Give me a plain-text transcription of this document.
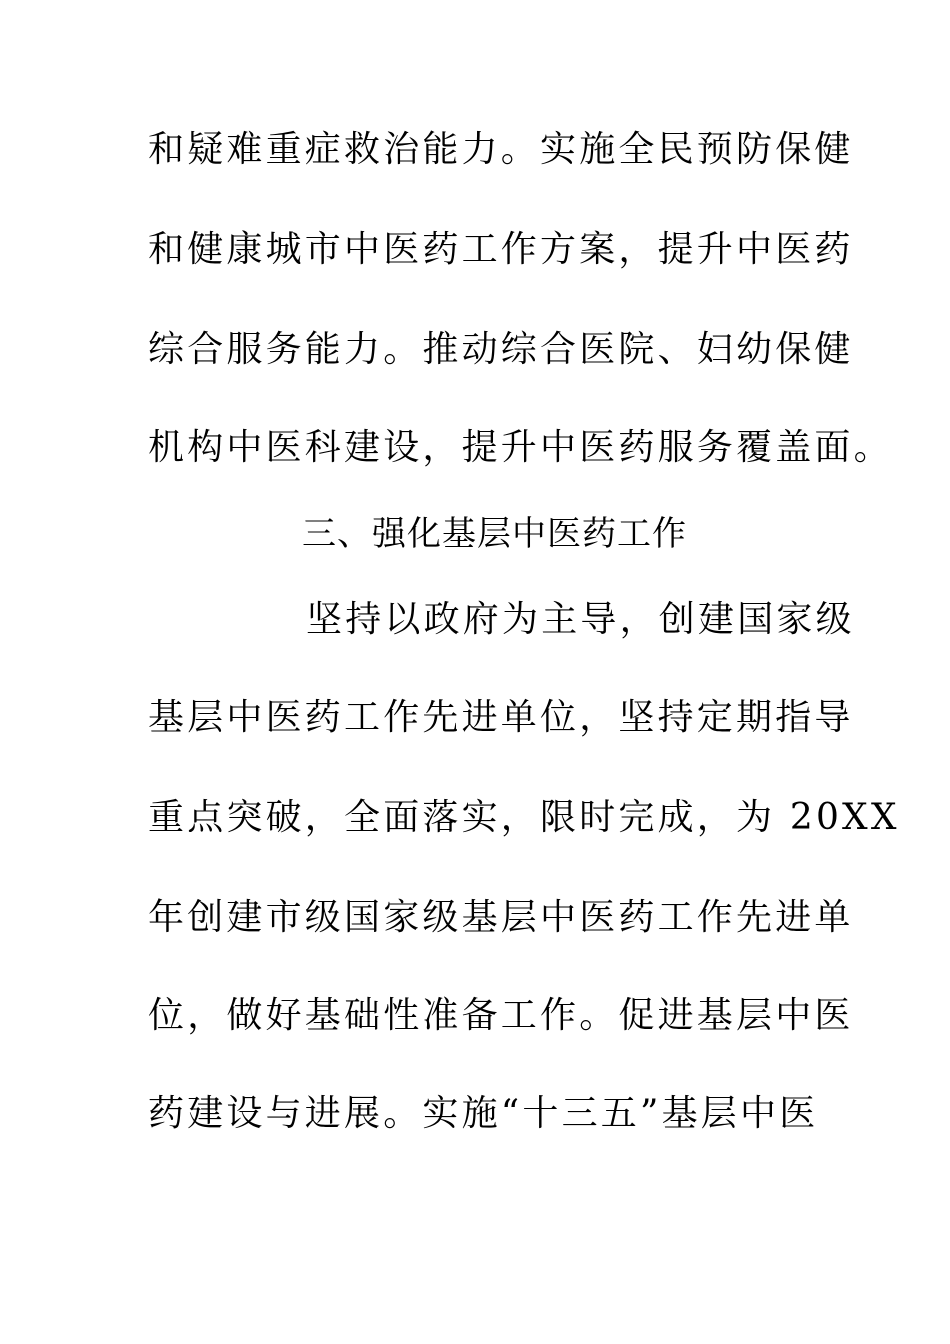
和疑难重症救治能力。实施全民预防保健
和健康城市中医药工作方案，提升中医药
综合服务能力。推动综合医院、妇幼保健
机构中医科建设，提升中医药服务覆盖面。
三、强化基层中医药工作
坚持以政府为主导，创建国家级
基层中医药工作先进单位，坚持定期指导
重点突破，全面落实，限时完成，为 20XX
年创建市级国家级基层中医药工作先进单
位，做好基础性准备工作。促进基层中医
药建设与进展。实施“十三五”基层中医
